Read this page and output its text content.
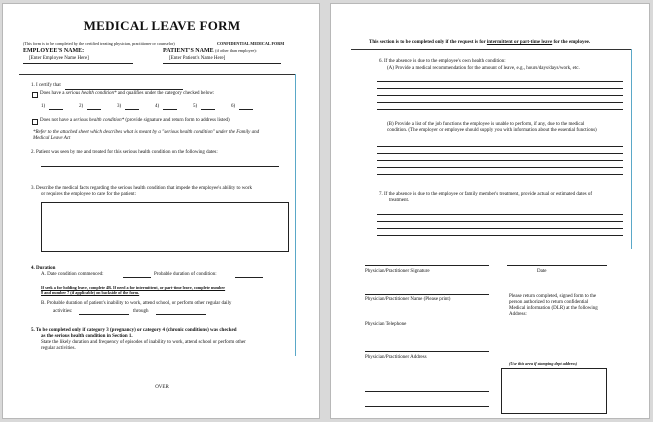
MEDICAL LEAVE FORM
(This form is to be completed by the certified treating physician, practitioner or counselor)	CONFIDENTIAL MEDICAL FORM
EMPLOYEE'S NAME:
[Enter Employee Name Here]
PATIENT'S NAME (if other than employee):
[Enter Patient's Name Here]
1. I certify that
Does have a serious health condition* and qualifies under the category checked below:
1)	2)	3)	4)	5)	6)
Does not have a serious health condition* (provide signature and return form to address listed)
*Refer to the attached sheet which describes what is meant by a "serious health condition" under the Family and
Medical Leave Act
2. Patient was seen by me and treated for this serious health condition on the following dates:
3. Describe the medical facts regarding the serious health condition that impede the employee's ability to work
or requires the employee to care for the patient:
4. Duration
A. Date condition commenced:	Probable duration of condition:
If seek a for holding leave, complete 4B. If need a for intermittent, or part-time leave, complete number
8 and number 7 (if applicable) on backside of the form.
B. Probable duration of patient's inability to work, attend school, or perform other regular daily
activities:	through
5. To be completed only if category 3 (pregnancy) or category 4 (chronic conditions) was checked
as the serious health condition in Section 1.
State the likely duration and frequency of episodes of inability to work, attend school or perform other
regular activities.
OVER
This section is to be completed only if the request is for intermittent or part-time leave for the employee.
6. If the absence is due to the employee's own health condition:
(A) Provide a medical recommendation for the amount of leave, e.g., hours/days/days/work, etc.
(B) Provide a list of the job functions the employee is unable to perform, if any, due to the medical
condition. (The employer or employee should supply you with information about the essential functions)
7. If the absence is due to the employee or family member's treatment, provide actual or estimated dates of
treatment.
Physician/Practitioner Signature	Date
Physician/Practitioner Name (Please print)
Please return completed, signed form to the
person authorized to return confidential
Medical information (DLR) at the following
Address:
Physician Telephone
Physician/Practitioner Address
(Use this area if stamping dept address)
